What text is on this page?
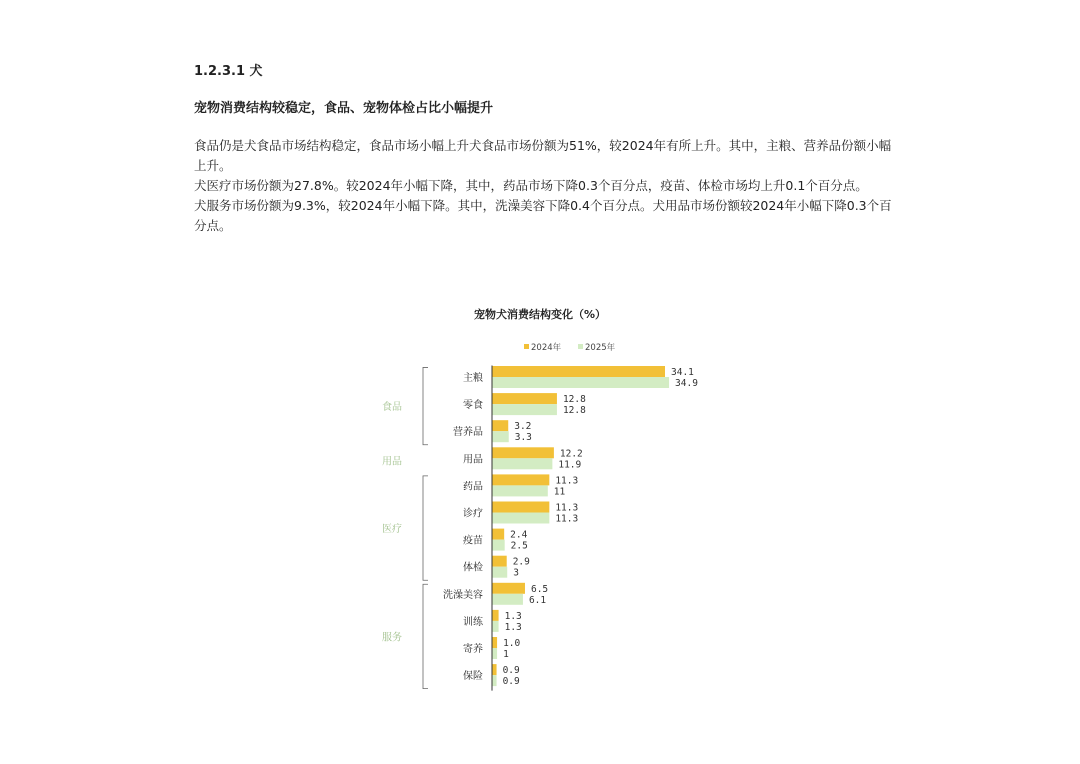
1.2.3.1 犬
宠物消费结构较稳定，食品、宠物体检占比小幅提升

食品仍是犬食品市场结构稳定，食品市场小幅上升犬食品市场份额为51%，较2024年有所上升。其中，主粮、营养品份额小幅上升。

犬医疗市场份额为27.8%。较2024年小幅下降，其中，药品市场下降0.3个百分点，疫苗、体检市场均上升0.1个百分点。

犬服务市场份额为9.3%，较2024年小幅下降。其中，洗澡美容下降0.4个百分点。犬用品市场份额较2024年小幅下降0.3个百分点。

宠物犬消费结构变化（%）
2024年	2025年
主粮
34.1
34.9
零食
12.8
12.8
营养品
3.2
3.3
用品
12.2
11.9
药品
11.3
11
诊疗
11.3
11.3
疫苗
2.4
2.5
体检
2.9
3
洗澡美容
6.5
6.1
训练
1.3
1.3
寄养
1.0
1
保险
0.9
0.9
食品
用品
医疗
服务
